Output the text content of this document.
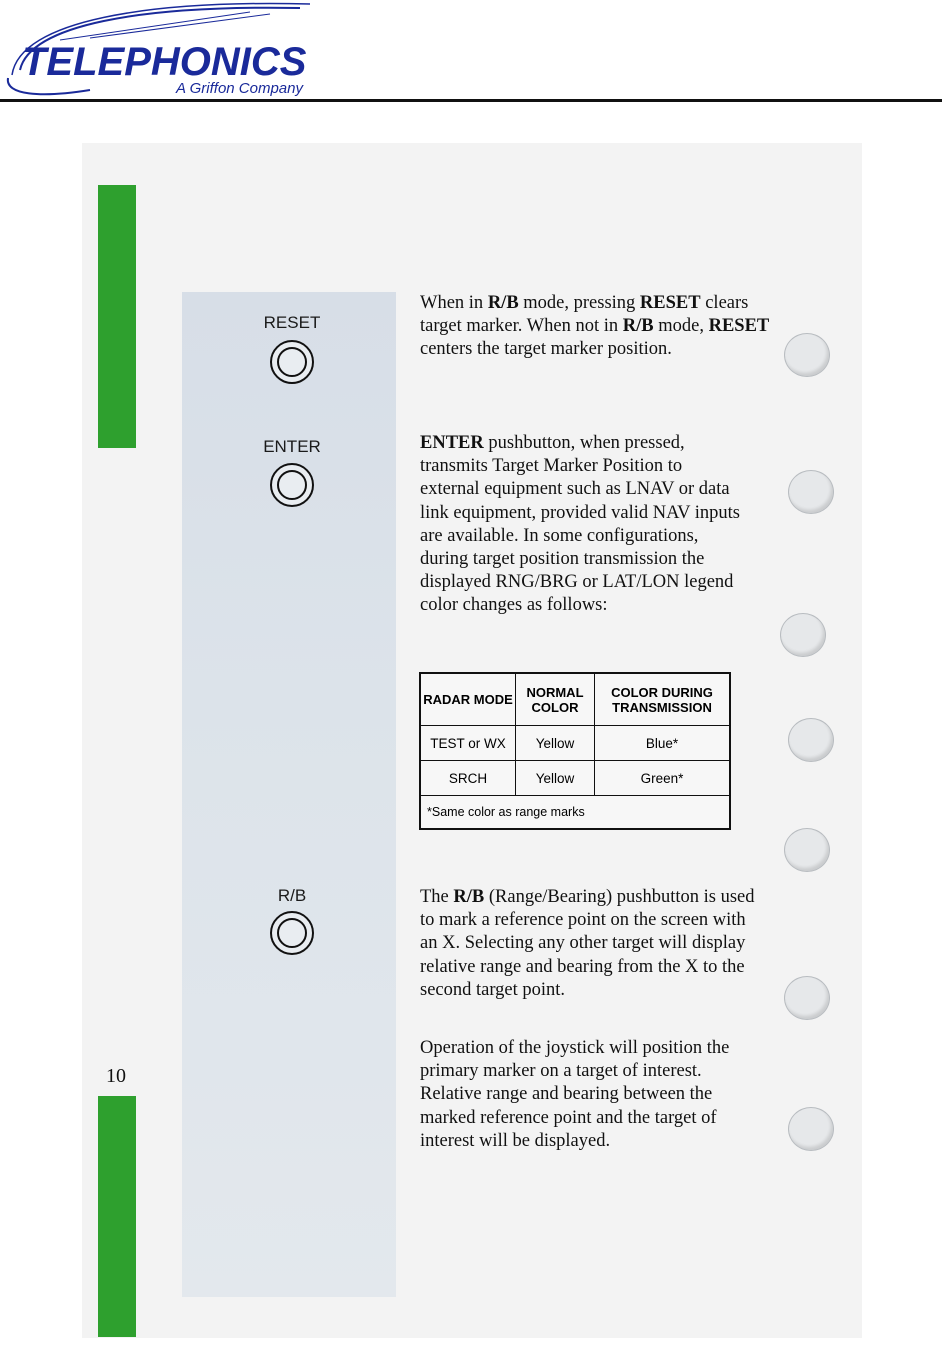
TELEPHONICS
A Griffon Company
10
RESET
When in R/B mode, pressing RESET clears target marker. When not in R/B mode, RESET centers the target marker position.
ENTER	ENTER pushbutton, when pressed, transmits Target Marker Position to external equipment such as LNAV or data link equipment, provided valid NAV inputs are available. In some configurations, during target position transmission the displayed RNG/BRG or LAT/LON legend color changes as follows:
RADAR MODE	NORMAL COLOR	COLOR DURING TRANSMISSION
TEST or WX	Yellow	Blue*
SRCH	Yellow	Green*
*Same color as range marks		
R/B	The R/B (Range/Bearing) pushbutton is used to mark a reference point on the screen with an X. Selecting any other target will display relative range and bearing from the X to the second target point.
Operation of the joystick will position the primary marker on a target of interest. Relative range and bearing between the marked reference point and the target of interest will be displayed.
